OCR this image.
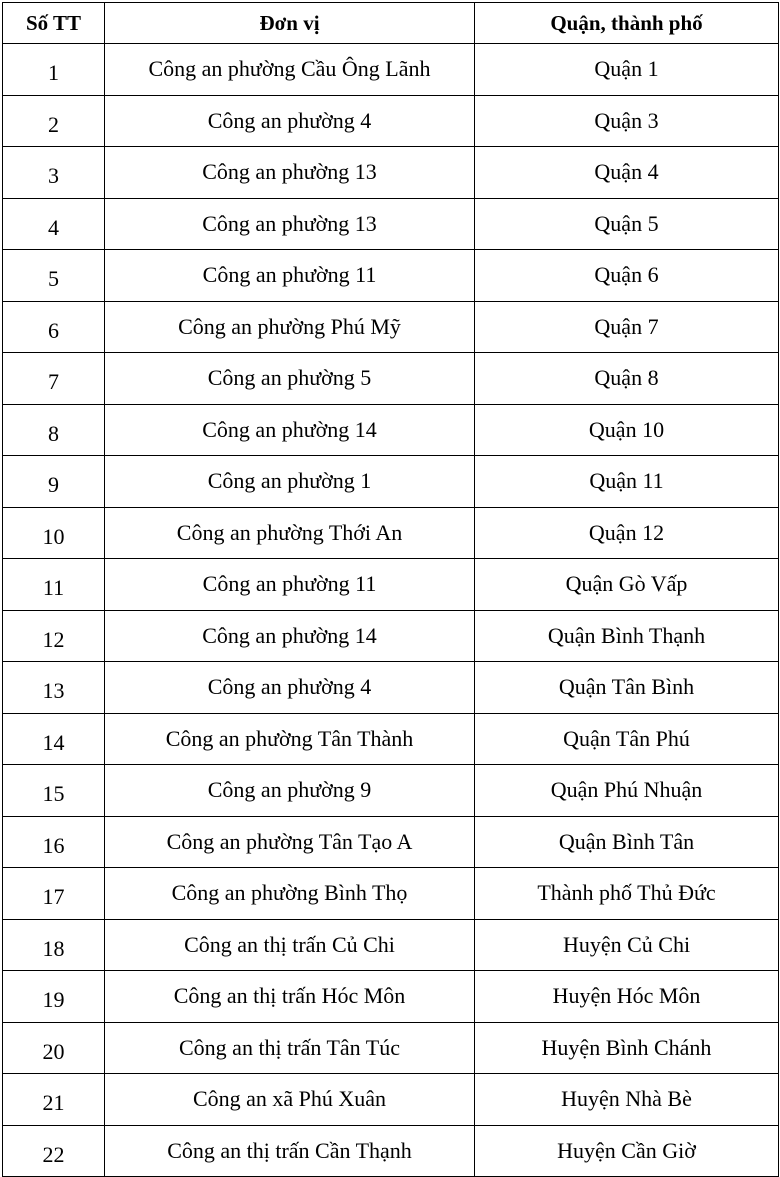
Số TT	Đơn vị	Quận, thành phố
1	Công an phường Cầu Ông Lãnh	Quận 1
2	Công an phường 4	Quận 3
3	Công an phường 13	Quận 4
4	Công an phường 13	Quận 5
5	Công an phường 11	Quận 6
6	Công an phường Phú Mỹ	Quận 7
7	Công an phường 5	Quận 8
8	Công an phường 14	Quận 10
9	Công an phường 1	Quận 11
10	Công an phường Thới An	Quận 12
11	Công an phường 11	Quận Gò Vấp
12	Công an phường 14	Quận Bình Thạnh
13	Công an phường 4	Quận Tân Bình
14	Công an phường Tân Thành	Quận Tân Phú
15	Công an phường 9	Quận Phú Nhuận
16	Công an phường Tân Tạo A	Quận Bình Tân
17	Công an phường Bình Thọ	Thành phố Thủ Đức
18	Công an thị trấn Củ Chi	Huyện Củ Chi
19	Công an thị trấn Hóc Môn	Huyện Hóc Môn
20	Công an thị trấn Tân Túc	Huyện Bình Chánh
21	Công an xã Phú Xuân	Huyện Nhà Bè
22	Công an thị trấn Cần Thạnh	Huyện Cần Giờ
